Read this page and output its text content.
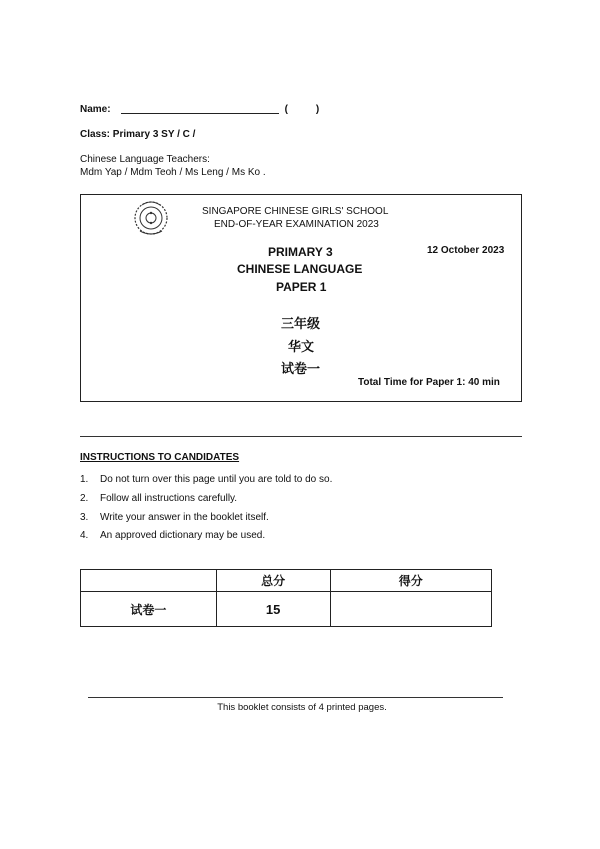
Name:	(	)
Class: Primary 3 SY / C /
Chinese Language Teachers:
Mdm Yap / Mdm Teoh / Ms Leng / Ms Ko .
SINGAPORE CHINESE GIRLS' SCHOOL
END-OF-YEAR EXAMINATION 2023
PRIMARY 3	12 October 2023
CHINESE LANGUAGE
PAPER 1
三年级
华文
试卷一
Total Time for Paper 1: 40 min
INSTRUCTIONS TO CANDIDATES
1. Do not turn over this page until you are told to do so.
2. Follow all instructions carefully.
3. Write your answer in the booklet itself.
4. An approved dictionary may be used.
	总分	得分
试卷一	15	
This booklet consists of 4 printed pages.
